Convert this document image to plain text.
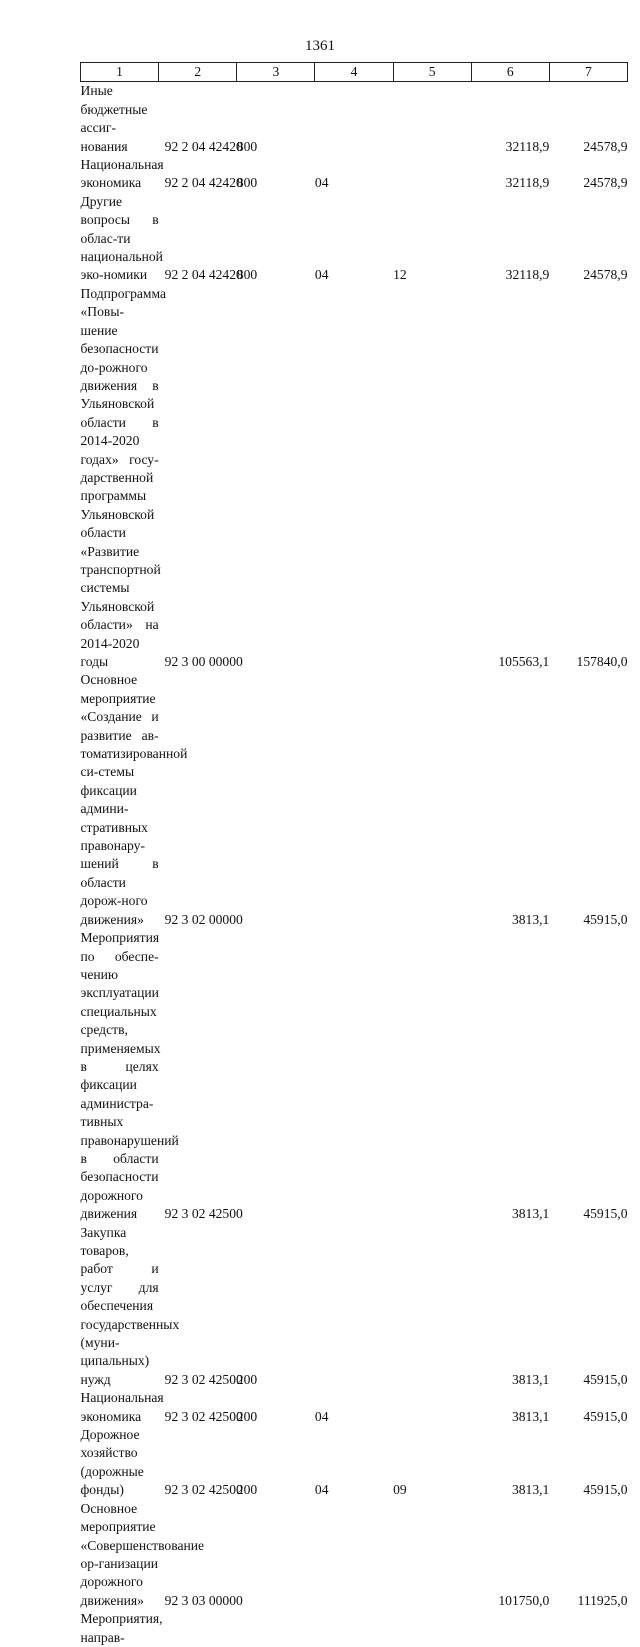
1361
1	2	3	4	5	6	7
Иные бюджетные ассиг-нования	92 2 04 42420	800			32118,9	24578,9
Национальная экономика	92 2 04 42420	800	04		32118,9	24578,9
Другие вопросы в облас-ти национальной эко-номики	92 2 04 42420	800	04	12	32118,9	24578,9
Подпрограмма «Повы-шение безопасности до-рожного движения в Ульяновской области в 2014-2020 годах» госу-дарственной программы Ульяновской области «Развитие транспортной системы Ульяновской области» на 2014-2020 годы	92 3 00 00000				105563,1	157840,0
Основное мероприятие «Создание и развитие ав-томатизированной си-стемы фиксации админи-стративных правонару-шений в области дорож-ного движения»	92 3 02 00000				3813,1	45915,0
Мероприятия по обеспе-чению эксплуатации специальных средств, применяемых в целях фиксации администра-тивных правонарушений в области безопасности дорожного движения	92 3 02 42500				3813,1	45915,0
Закупка товаров, работ и услуг для обеспечения государственных (муни-ципальных) нужд	92 3 02 42500	200			3813,1	45915,0
Национальная экономика	92 3 02 42500	200	04		3813,1	45915,0
Дорожное хозяйство (дорожные фонды)	92 3 02 42500	200	04	09	3813,1	45915,0
Основное мероприятие «Совершенствование ор-ганизации дорожного движения»	92 3 03 00000				101750,0	111925,0
Мероприятия, направ-						
